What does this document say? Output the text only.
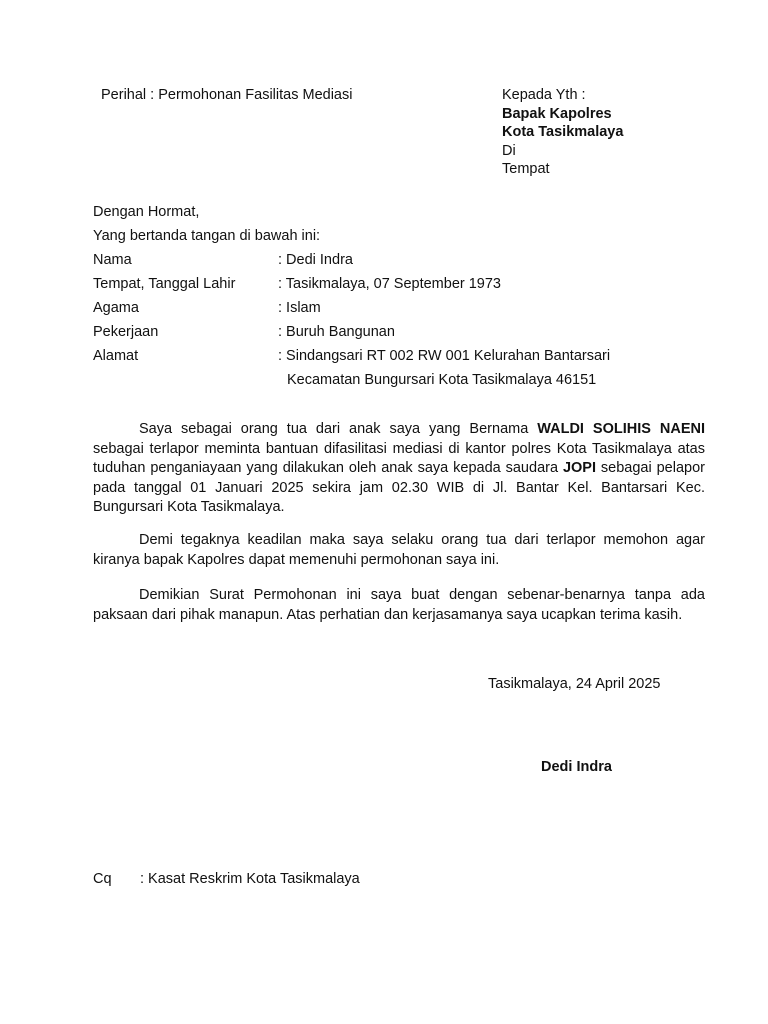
Perihal : Permohonan Fasilitas Mediasi	Kepada Yth :
Bapak Kapolres
Kota Tasikmalaya
Di
Tempat
Dengan Hormat,
Yang bertanda tangan di bawah ini:
Nama	: Dedi Indra
Tempat, Tanggal Lahir	: Tasikmalaya, 07 September 1973
Agama	: Islam
Pekerjaan	: Buruh Bangunan
Alamat	: Sindangsari RT 002 RW 001 Kelurahan Bantarsari
Kecamatan Bungursari Kota Tasikmalaya 46151
Saya sebagai orang tua dari anak saya yang Bernama WALDI SOLIHIS NAENI sebagai terlapor meminta bantuan difasilitasi mediasi di kantor polres Kota Tasikmalaya atas tuduhan penganiayaan yang dilakukan oleh anak saya kepada saudara JOPI sebagai pelapor pada tanggal 01 Januari 2025 sekira jam 02.30 WIB di Jl. Bantar Kel. Bantarsari Kec. Bungursari Kota Tasikmalaya.
Demi tegaknya keadilan maka saya selaku orang tua dari terlapor memohon agar kiranya bapak Kapolres dapat memenuhi permohonan saya ini.
Demikian Surat Permohonan ini saya buat dengan sebenar-benarnya tanpa ada paksaan dari pihak manapun. Atas perhatian dan kerjasamanya saya ucapkan terima kasih.
Tasikmalaya, 24 April 2025
Dedi Indra
Cq : Kasat Reskrim Kota Tasikmalaya
